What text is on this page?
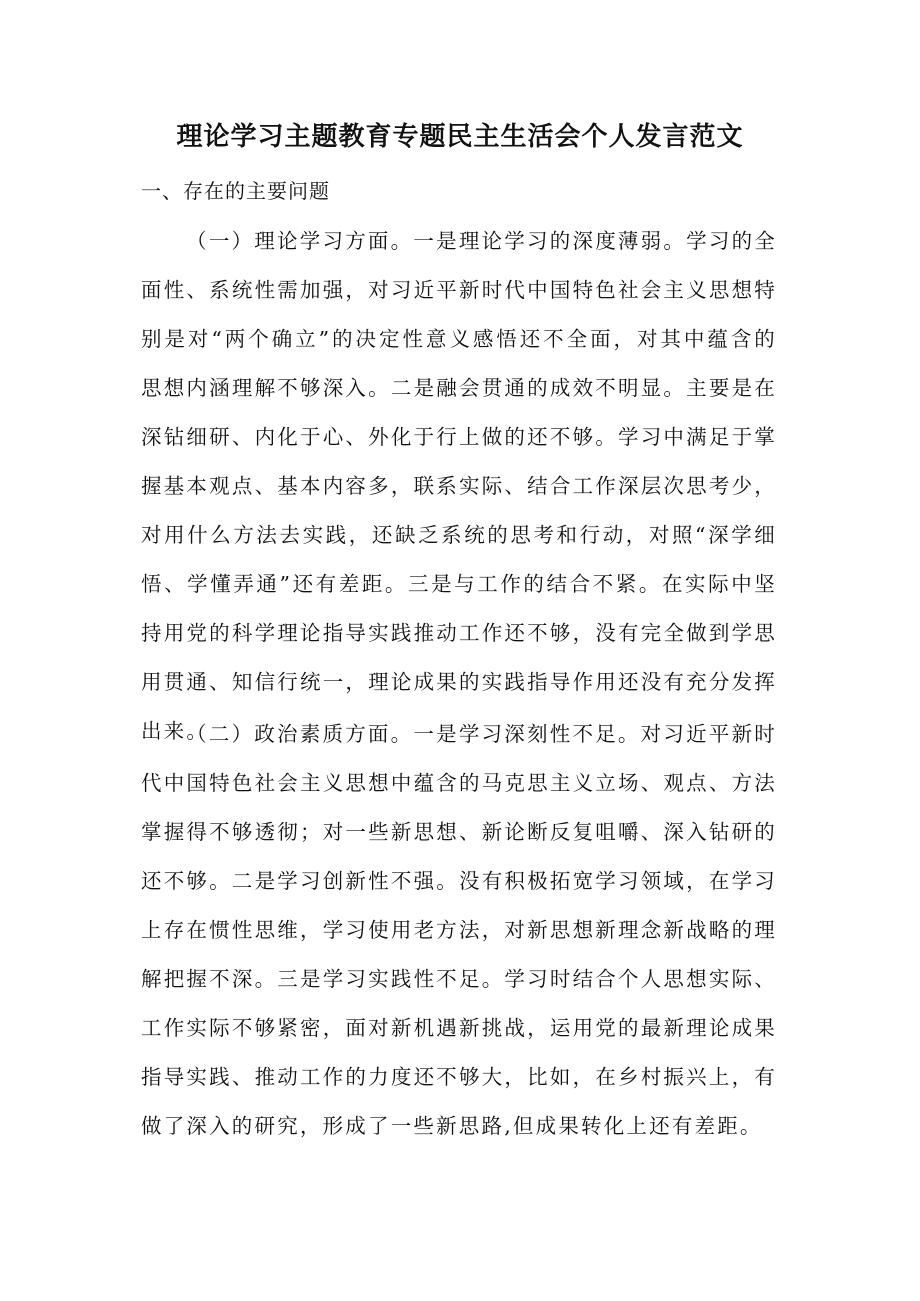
理论学习主题教育专题民主生活会个人发言范文
一、存在的主要问题

（一）理论学习方面。一是理论学习的深度薄弱。学习的全面性、系统性需加强，对习近平新时代中国特色社会主义思想特别是对“两个确立”的决定性意义感悟还不全面，对其中蕴含的思想内涵理解不够深入。二是融会贯通的成效不明显。主要是在深钻细研、内化于心、外化于行上做的还不够。学习中满足于掌握基本观点、基本内容多，联系实际、结合工作深层次思考少，对用什么方法去实践，还缺乏系统的思考和行动，对照“深学细悟、学懂弄通”还有差距。三是与工作的结合不紧。在实际中坚持用党的科学理论指导实践推动工作还不够，没有完全做到学思用贯通、知信行统一，理论成果的实践指导作用还没有充分发挥出来。

（二）政治素质方面。一是学习深刻性不足。对习近平新时代中国特色社会主义思想中蕴含的马克思主义立场、观点、方法掌握得不够透彻；对一些新思想、新论断反复咀嚼、深入钻研的还不够。二是学习创新性不强。没有积极拓宽学习领域，在学习上存在惯性思维，学习使用老方法，对新思想新理念新战略的理解把握不深。三是学习实践性不足。学习时结合个人思想实际、工作实际不够紧密，面对新机遇新挑战，运用党的最新理论成果指导实践、推动工作的力度还不够大，比如，在乡村振兴上，有做了深入的研究，形成了一些新思路,但成果转化上还有差距。
